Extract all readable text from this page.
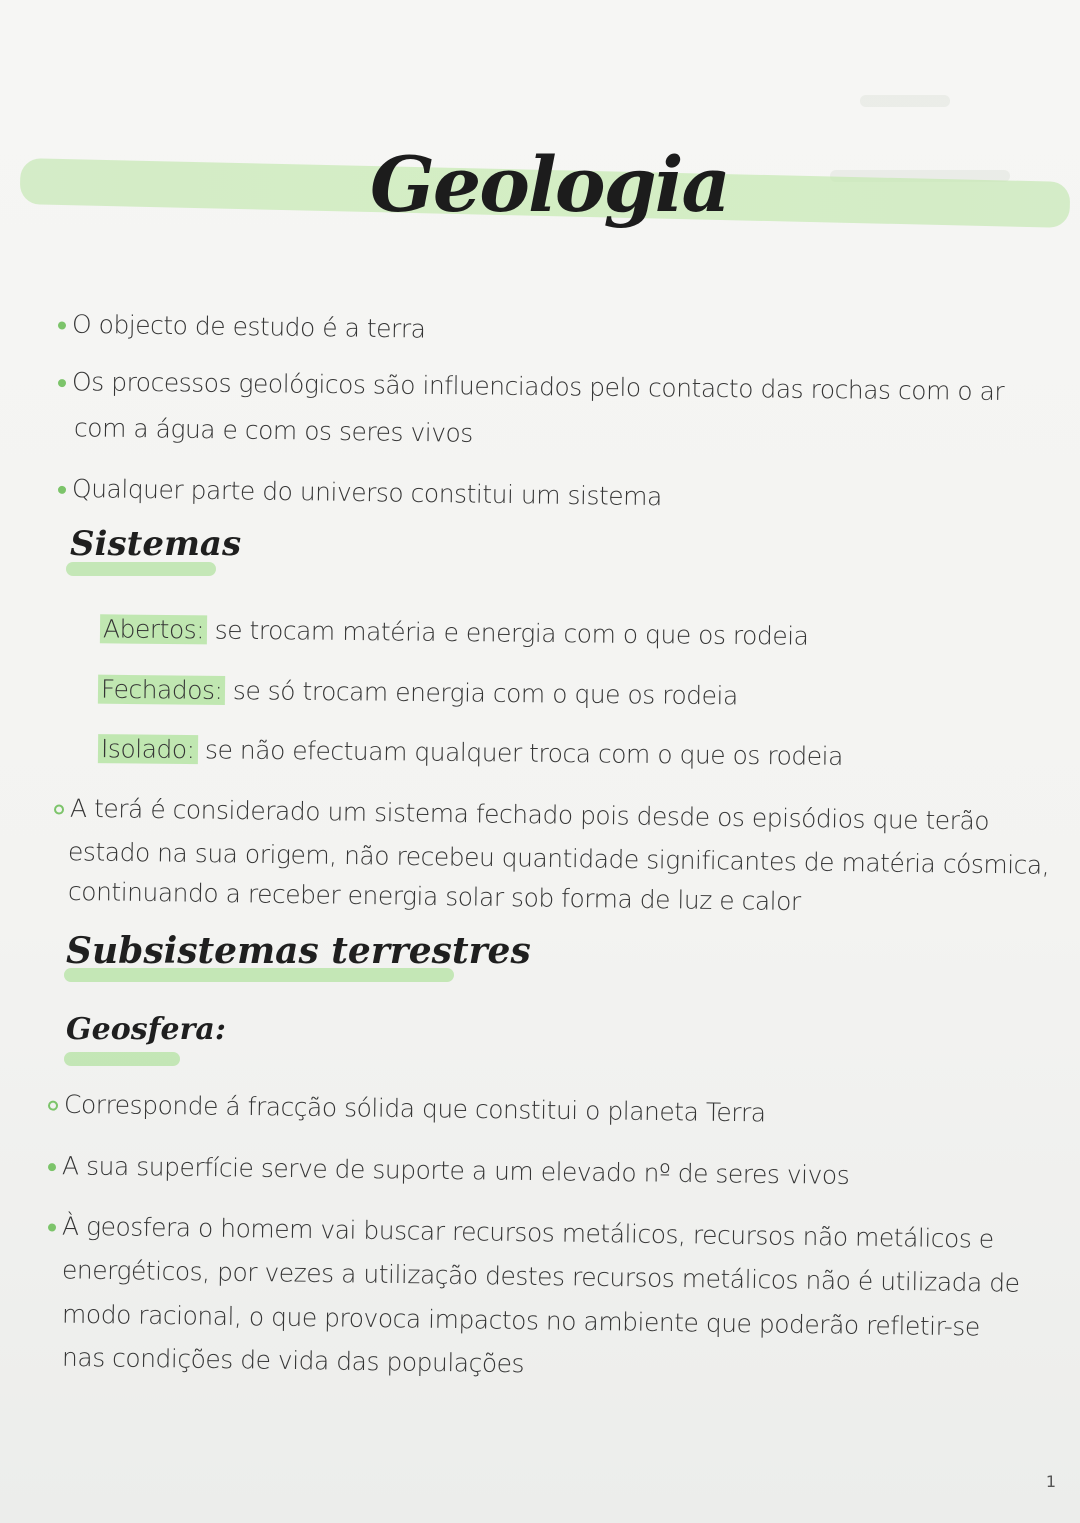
Geologia
O objecto de estudo é a terra
Os processos geológicos são influenciados pelo contacto das rochas com o ar
com a água e com os seres vivos
Qualquer parte do universo constitui um sistema
Sistemas
Abertos: se trocam matéria e energia com o que os rodeia
Fechados: se só trocam energia com o que os rodeia
Isolado: se não efectuam qualquer troca com o que os rodeia
A terá é considerado um sistema fechado pois desde os episódios que terão
estado na sua origem, não recebeu quantidade significantes de matéria cósmica,
continuando a receber energia solar sob forma de luz e calor
Subsistemas terrestres
Geosfera:
Corresponde á fracção sólida que constitui o planeta Terra
A sua superfície serve de suporte a um elevado nº de seres vivos
À geosfera o homem vai buscar recursos metálicos, recursos não metálicos e
energéticos, por vezes a utilização destes recursos metálicos não é utilizada de
modo racional, o que provoca impactos no ambiente que poderão refletir-se
nas condições de vida das populações
1
